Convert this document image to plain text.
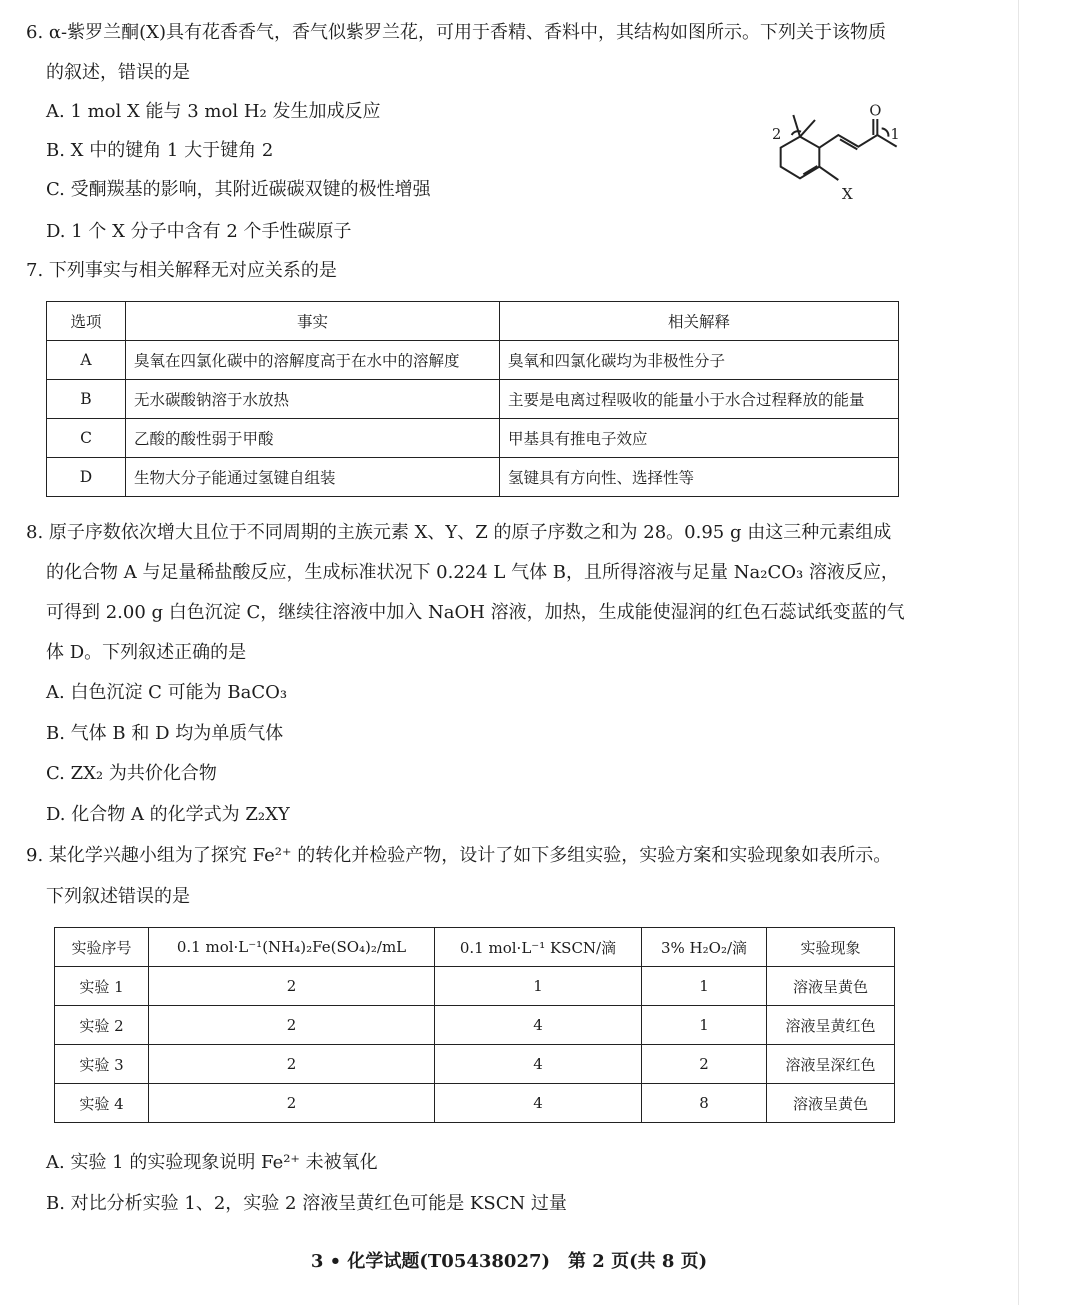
6. α-紫罗兰酮(X)具有花香香气，香气似紫罗兰花，可用于香精、香料中，其结构如图所示。下列关于该物质
的叙述，错误的是
A. 1 mol X 能与 3 mol H₂ 发生加成反应
B. X 中的键角 1 大于键角 2
C. 受酮羰基的影响，其附近碳碳双键的极性增强
D. 1 个 X 分子中含有 2 个手性碳原子
O
2 1
X
7. 下列事实与相关解释无对应关系的是
选项	事实	相关解释
A	臭氧在四氯化碳中的溶解度高于在水中的溶解度	臭氧和四氯化碳均为非极性分子
B	无水碳酸钠溶于水放热	主要是电离过程吸收的能量小于水合过程释放的能量
C	乙酸的酸性弱于甲酸	甲基具有推电子效应
D	生物大分子能通过氢键自组装	氢键具有方向性、选择性等
8. 原子序数依次增大且位于不同周期的主族元素 X、Y、Z 的原子序数之和为 28。0.95 g 由这三种元素组成
的化合物 A 与足量稀盐酸反应，生成标准状况下 0.224 L 气体 B，且所得溶液与足量 Na₂CO₃ 溶液反应，
可得到 2.00 g 白色沉淀 C，继续往溶液中加入 NaOH 溶液，加热，生成能使湿润的红色石蕊试纸变蓝的气
体 D。下列叙述正确的是
A. 白色沉淀 C 可能为 BaCO₃
B. 气体 B 和 D 均为单质气体
C. ZX₂ 为共价化合物
D. 化合物 A 的化学式为 Z₂XY
9. 某化学兴趣小组为了探究 Fe²⁺ 的转化并检验产物，设计了如下多组实验，实验方案和实验现象如表所示。
下列叙述错误的是
实验序号	0.1 mol·L⁻¹(NH₄)₂Fe(SO₄)₂/mL	0.1 mol·L⁻¹ KSCN/滴	3% H₂O₂/滴	实验现象
实验 1	2	1	1	溶液呈黄色
实验 2	2	4	1	溶液呈黄红色
实验 3	2	4	2	溶液呈深红色
实验 4	2	4	8	溶液呈黄色
A. 实验 1 的实验现象说明 Fe²⁺ 未被氧化
B. 对比分析实验 1、2，实验 2 溶液呈黄红色可能是 KSCN 过量
3 • 化学试题(T05438027)　第 2 页(共 8 页)
